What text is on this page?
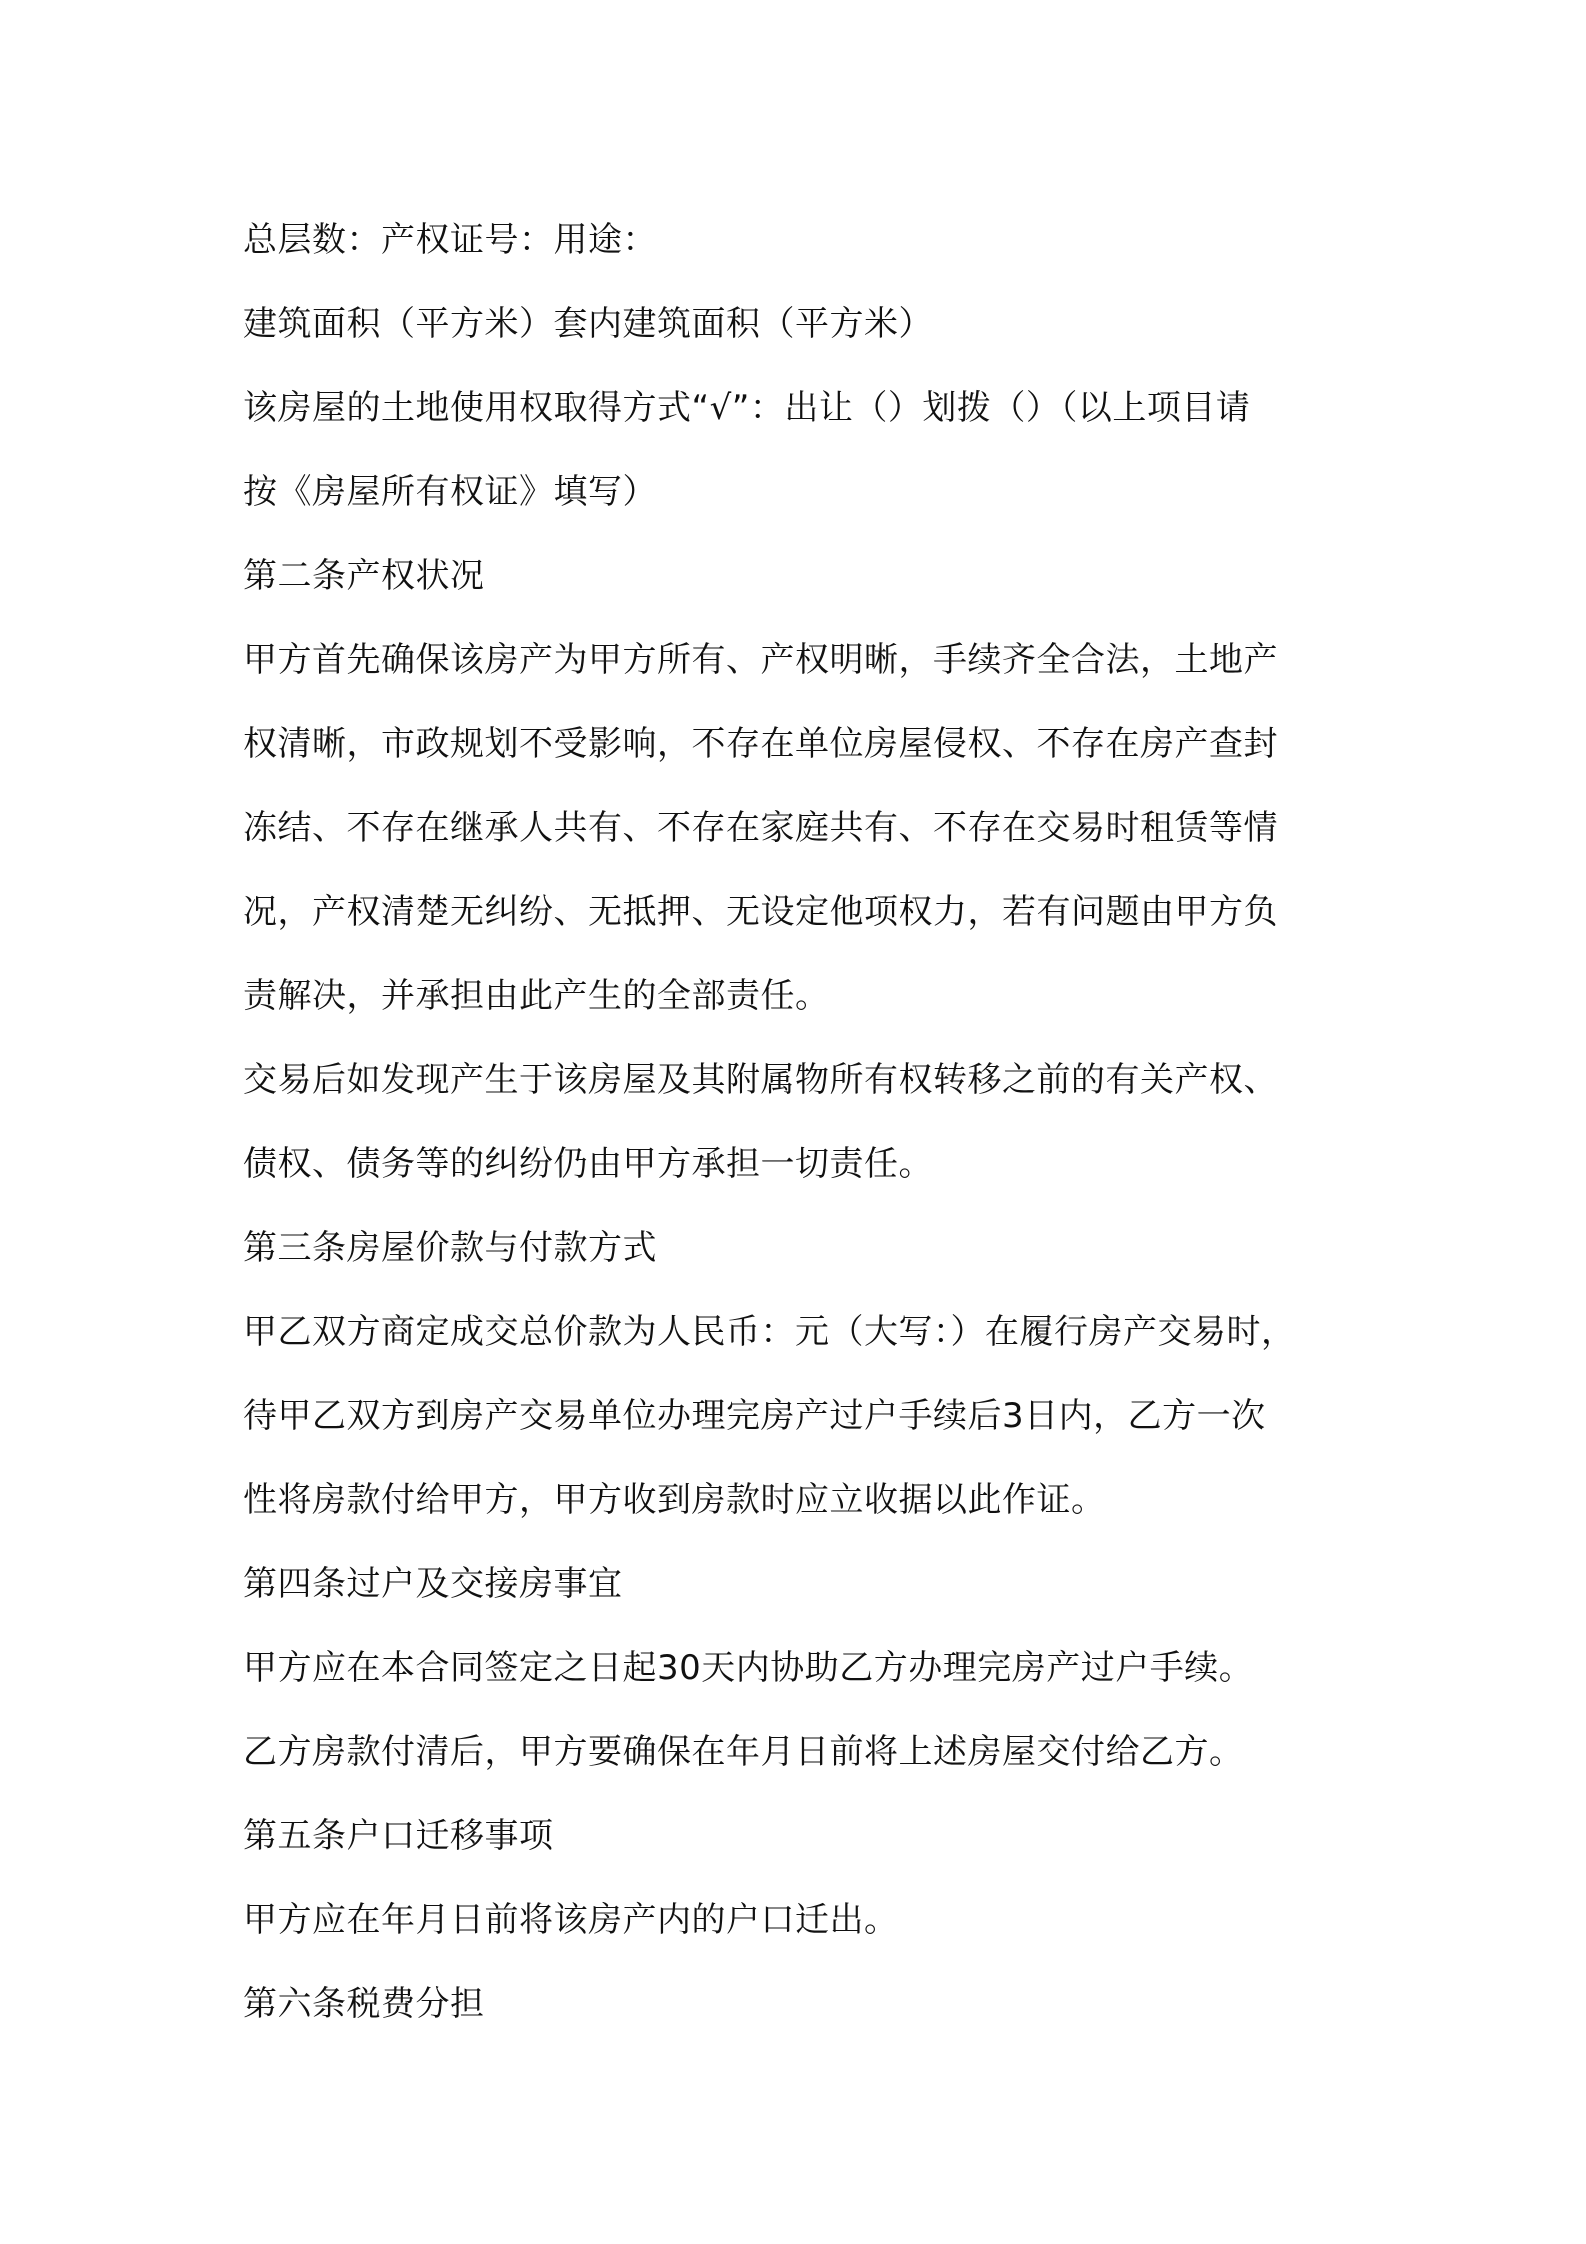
总层数：产权证号：用途：
建筑面积（平方米）套内建筑面积（平方米）
该房屋的土地使用权取得方式“√”：出让（）划拨（）（以上项目请
按《房屋所有权证》填写）
第二条产权状况
甲方首先确保该房产为甲方所有、产权明晰，手续齐全合法，土地产
权清晰，市政规划不受影响，不存在单位房屋侵权、不存在房产查封
冻结、不存在继承人共有、不存在家庭共有、不存在交易时租赁等情
况，产权清楚无纠纷、无抵押、无设定他项权力，若有问题由甲方负
责解决，并承担由此产生的全部责任。
交易后如发现产生于该房屋及其附属物所有权转移之前的有关产权、
债权、债务等的纠纷仍由甲方承担一切责任。
第三条房屋价款与付款方式
甲乙双方商定成交总价款为人民币：元（大写：）在履行房产交易时，
待甲乙双方到房产交易单位办理完房产过户手续后3日内，乙方一次
性将房款付给甲方，甲方收到房款时应立收据以此作证。
第四条过户及交接房事宜
甲方应在本合同签定之日起30天内协助乙方办理完房产过户手续。
乙方房款付清后，甲方要确保在年月日前将上述房屋交付给乙方。
第五条户口迁移事项
甲方应在年月日前将该房产内的户口迁出。
第六条税费分担
